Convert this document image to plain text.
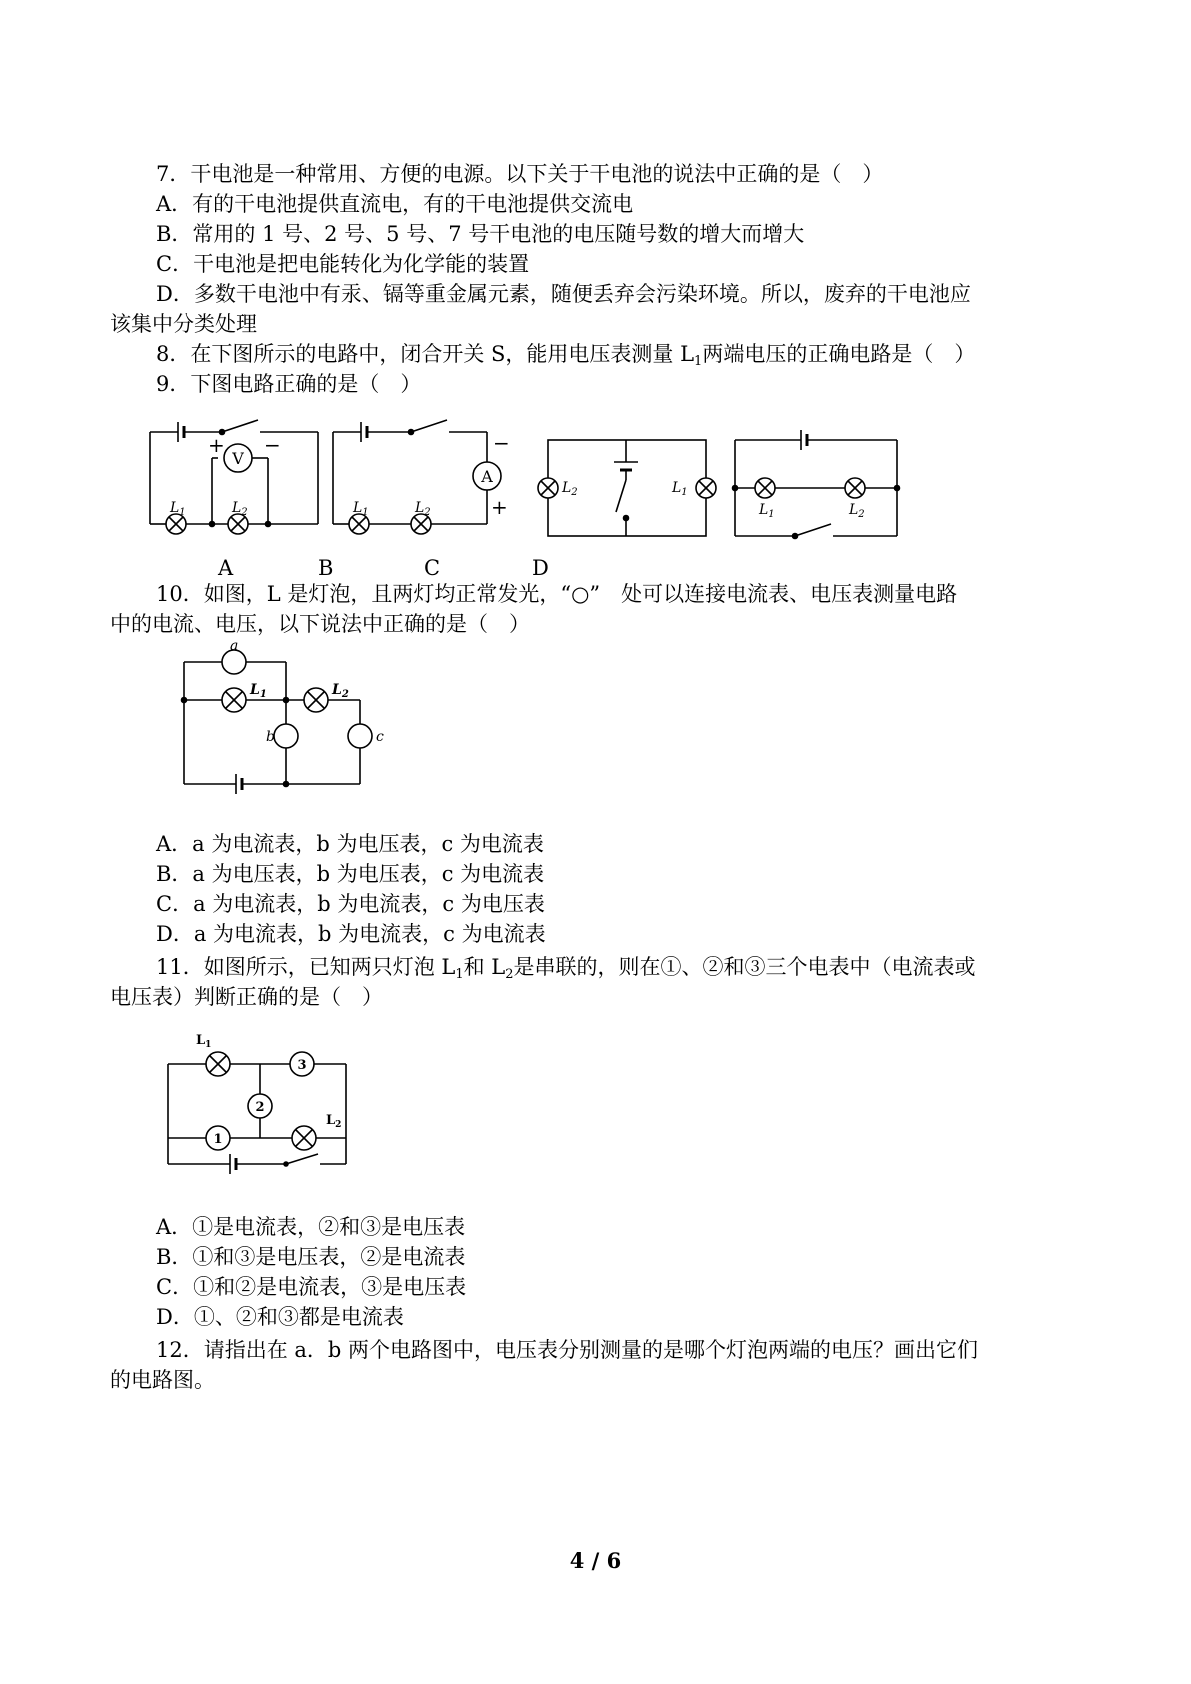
7．干电池是一种常用、方便的电源。以下关于干电池的说法中正确的是（　）
A．有的干电池提供直流电，有的干电池提供交流电
B．常用的 1 号、2 号、5 号、7 号干电池的电压随号数的增大而增大
C．干电池是把电能转化为化学能的装置
D．多数干电池中有汞、镉等重金属元素，随便丢弃会污染环境。所以，废弃的干电池应
该集中分类处理
8．在下图所示的电路中，闭合开关 S，能用电压表测量 $L_1$两端电压的正确电路是（　）
9．下图电路正确的是（　）
V
+ −
$L_1$	$L_2$
A
−
+
$L_1$	$L_2$
$L_2$	$L_1$
$L_1$	$L_2$
A	B	C	D
10．如图，L 是灯泡，且两灯均正常发光，“○”　处可以连接电流表、电压表测量电路
中的电流、电压，以下说法中正确的是（　）
a
$L_1$	$L_2$
b	c
A．a 为电流表，b 为电压表，c 为电流表
B．a 为电压表，b 为电压表，c 为电流表
C．a 为电流表，b 为电流表，c 为电压表
D．a 为电流表，b 为电流表，c 为电流表
11．如图所示，已知两只灯泡 $L_1$和 $L_2$是串联的，则在①、②和③三个电表中（电流表或
电压表）判断正确的是（　）
3
2
1
$L_1$
$L_2$
A．①是电流表，②和③是电压表
B．①和③是电压表，②是电流表
C．①和②是电流表，③是电压表
D．①、②和③都是电流表
12．请指出在 a．b 两个电路图中，电压表分别测量的是哪个灯泡两端的电压？画出它们
的电路图。
4 / 6
